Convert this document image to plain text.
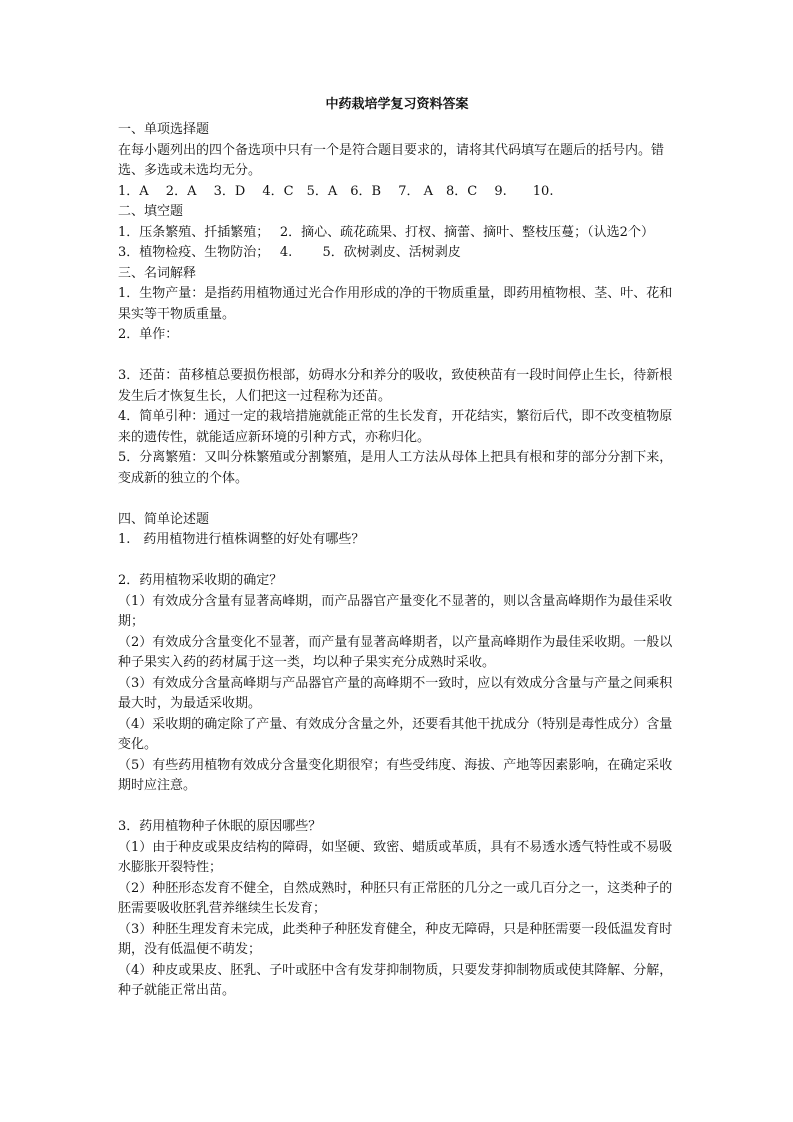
中药栽培学复习资料答案

一、单项选择题

在每小题列出的四个备选项中只有一个是符合题目要求的，请将其代码填写在题后的括号内。错选、多选或未选均无分。

1．A　 2．A　 3．D　 4．C　5．A　6．B　 7． A　8．C　 9.　　10.

二、填空题

1．压条繁殖、扦插繁殖；　 2．摘心、疏花疏果、打杈、摘蕾、摘叶、整枝压蔓；（认选2个）　3．植物检疫、生物防治；　 4.　　 5．砍树剥皮、活树剥皮

三、名词解释

1．生物产量：是指药用植物通过光合作用形成的净的干物质重量，即药用植物根、茎、叶、花和果实等干物质重量。

2．单作：

3．还苗：苗移植总要损伤根部，妨碍水分和养分的吸收，致使秧苗有一段时间停止生长，待新根发生后才恢复生长，人们把这一过程称为还苗。

4．简单引种：通过一定的栽培措施就能正常的生长发育，开花结实，繁衍后代，即不改变植物原来的遗传性，就能适应新环境的引种方式，亦称归化。

5．分离繁殖：又叫分株繁殖或分割繁殖，是用人工方法从母体上把具有根和芽的部分分割下来，变成新的独立的个体。

四、简单论述题

1.　药用植物进行植株调整的好处有哪些？

2．药用植物采收期的确定？

（1）有效成分含量有显著高峰期，而产品器官产量变化不显著的，则以含量高峰期作为最佳采收期；

（2）有效成分含量变化不显著，而产量有显著高峰期者，以产量高峰期作为最佳采收期。一般以种子果实入药的药材属于这一类，均以种子果实充分成熟时采收。

（3）有效成分含量高峰期与产品器官产量的高峰期不一致时，应以有效成分含量与产量之间乘积最大时，为最适采收期。

（4）采收期的确定除了产量、有效成分含量之外，还要看其他干扰成分（特别是毒性成分）含量变化。

（5）有些药用植物有效成分含量变化期很窄；有些受纬度、海拔、产地等因素影响，在确定采收期时应注意。

3．药用植物种子休眠的原因哪些？

（1）由于种皮或果皮结构的障碍，如坚硬、致密、蜡质或革质，具有不易透水透气特性或不易吸水膨胀开裂特性；

（2）种胚形态发育不健全，自然成熟时，种胚只有正常胚的几分之一或几百分之一，这类种子的胚需要吸收胚乳营养继续生长发育；

（3）种胚生理发育未完成，此类种子种胚发育健全，种皮无障碍，只是种胚需要一段低温发育时期，没有低温便不萌发；

（4）种皮或果皮、胚乳、子叶或胚中含有发芽抑制物质，只要发芽抑制物质或使其降解、分解，种子就能正常出苗。
